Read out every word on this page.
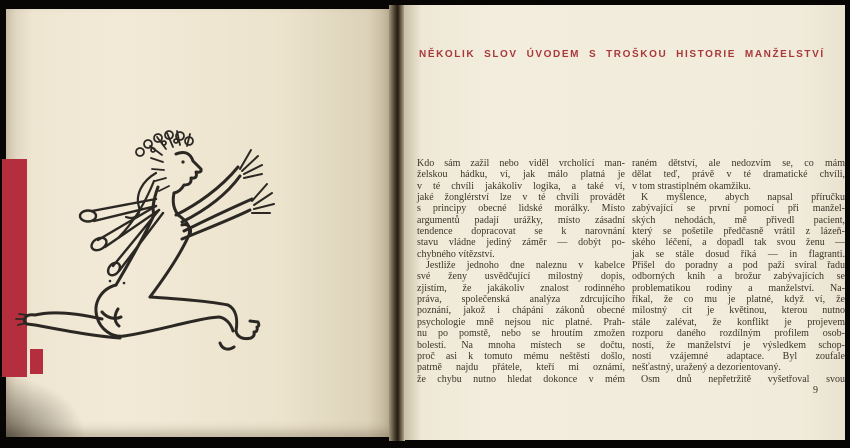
NĚKOLIK SLOV ÚVODEM S TROŠKOU HISTORIE MANŽELSTVÍ
Kdo sám zažil nebo viděl vrcholící man-
želskou hádku, ví, jak málo platná je
v té chvíli jakákoliv logika, a také ví,
jaké žonglérství lze v té chvíli provádět
s principy obecné lidské morálky. Místo
argumentů padají urážky, místo zásadní
tendence dopracovat se k narovnání
stavu vládne jediný záměr — dobýt po-
chybného vítězství.
Jestliže jednoho dne naleznu v kabelce
své ženy usvědčující milostný dopis,
zjistím, že jakákoliv znalost rodinného
práva, společenská analýza zdrcujícího
poznání, jakož i chápání zákonů obecné
psychologie mně nejsou nic platné. Prah-
nu po pomstě, nebo se hroutím zmožen
bolestí. Na mnoha místech se dočtu,
proč asi k tomuto mému neštěstí došlo,
patrně najdu přátele, kteří mi oznámí,
že chybu nutno hledat dokonce v mém
raném dětství, ale nedozvím se, co mám
dělat teď, právě v té dramatické chvíli,
v tom strastiplném okamžiku.
K myšlence, abych napsal příručku
zabývající se první pomocí při manžel-
ských nehodách, mě přivedl pacient,
který se pošetile předčasně vrátil z lázeň-
ského léčení, a dopadl tak svou ženu —
jak se stále dosud říká — in flagranti.
Přišel do poradny a pod paží svíral řadu
odborných knih a brožur zabývajících se
problematikou rodiny a manželství. Na-
říkal, že co mu je platné, když ví, že
milostný cit je květinou, kterou nutno
stále zalévat, že konflikt je projevem
rozporu daného rozdílným profilem osob-
ností, že manželství je výsledkem schop-
nosti vzájemné adaptace. Byl zoufale
nešťastný, uražený a dezorientovaný.
Osm dnů nepřetržitě vyšetřoval svou
9
